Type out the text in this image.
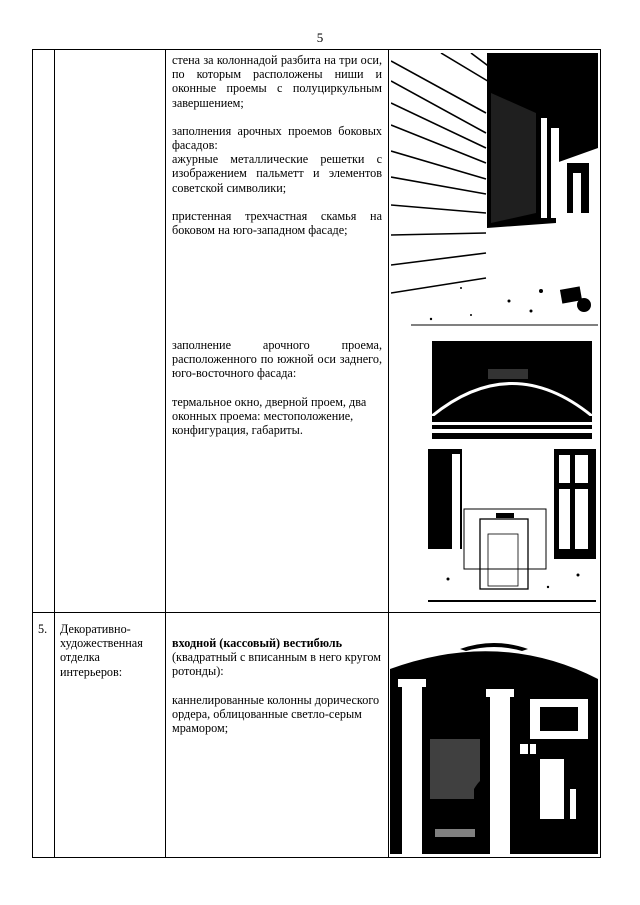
5

стена за колоннадой разбита на три оси, по которым расположены ниши и оконные проемы с полуциркульным завершением;

заполнения арочных проемов боковых фасадов:

ажурные металлические решетки с изображением пальметт и элементов советской символики;

пристенная трехчастная скамья на боковом на юго-западном фасаде;

заполнение арочного проема, расположенного по южной оси заднего, юго-восточного фасада:

термальное окно, дверной проем, два оконных проема: местоположение, конфигурация, габариты.

5. Декоративно-художественная отделка интерьеров:

входной (кассовый) вестибюль

(квадратный с вписанным в него кругом ротонды):

каннелированные колонны дорического ордера, облицованные светло-серым мрамором;
